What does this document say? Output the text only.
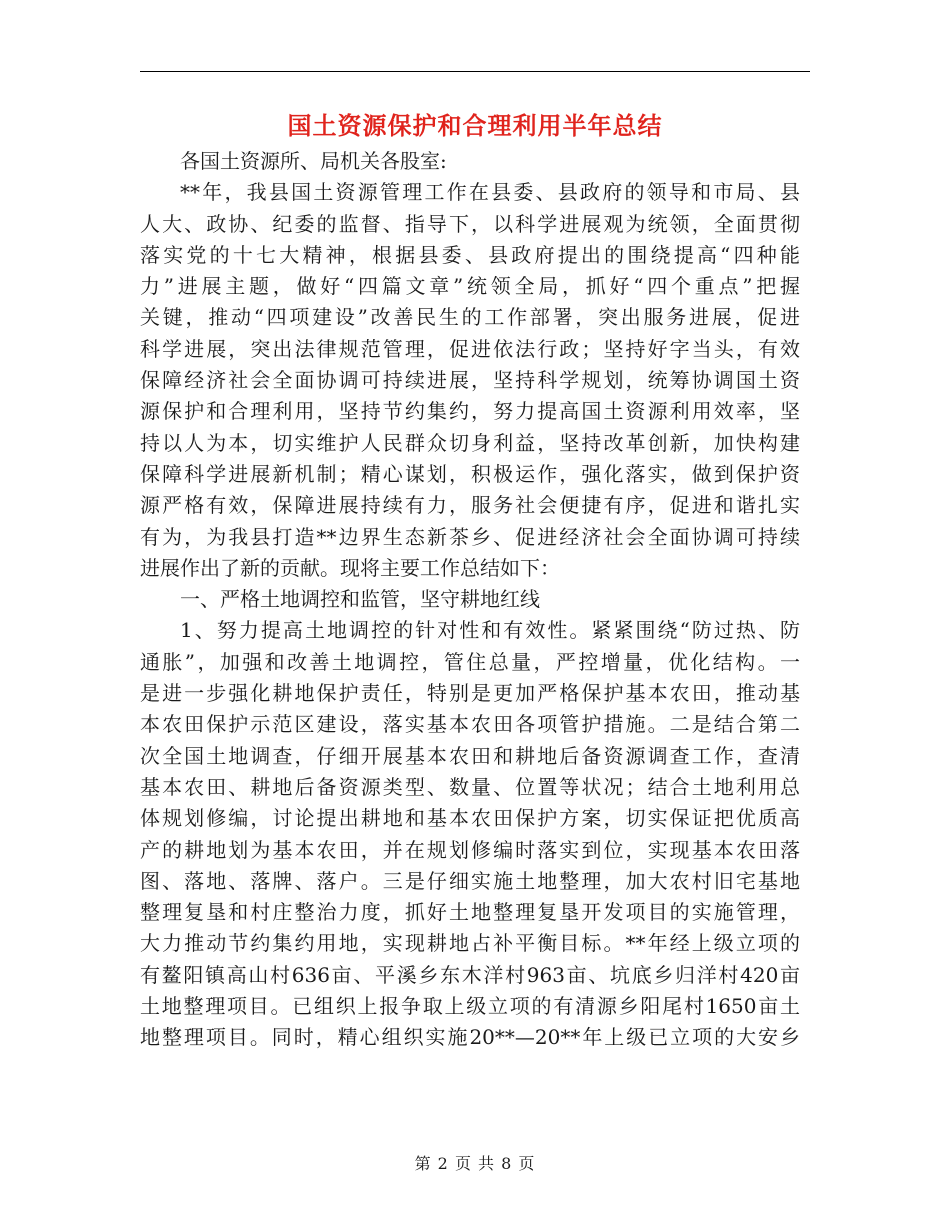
国土资源保护和合理利用半年总结
各国土资源所、局机关各股室:
**年，我县国土资源管理工作在县委、县政府的领导和市局、县
人大、政协、纪委的监督、指导下，以科学进展观为统领，全面贯彻
落实党的十七大精神，根据县委、县政府提出的围绕提高“四种能
力”进展主题，做好“四篇文章”统领全局，抓好“四个重点”把握
关键，推动“四项建设”改善民生的工作部署，突出服务进展，促进
科学进展，突出法律规范管理，促进依法行政；坚持好字当头，有效
保障经济社会全面协调可持续进展，坚持科学规划，统筹协调国土资
源保护和合理利用，坚持节约集约，努力提高国土资源利用效率，坚
持以人为本，切实维护人民群众切身利益，坚持改革创新，加快构建
保障科学进展新机制；精心谋划，积极运作，强化落实，做到保护资
源严格有效，保障进展持续有力，服务社会便捷有序，促进和谐扎实
有为，为我县打造**边界生态新茶乡、促进经济社会全面协调可持续
进展作出了新的贡献。现将主要工作总结如下：
一、严格土地调控和监管，坚守耕地红线
1、努力提高土地调控的针对性和有效性。紧紧围绕“防过热、防
通胀”，加强和改善土地调控，管住总量，严控增量，优化结构。一
是进一步强化耕地保护责任，特别是更加严格保护基本农田，推动基
本农田保护示范区建设，落实基本农田各项管护措施。二是结合第二
次全国土地调查，仔细开展基本农田和耕地后备资源调查工作，查清
基本农田、耕地后备资源类型、数量、位置等状况；结合土地利用总
体规划修编，讨论提出耕地和基本农田保护方案，切实保证把优质高
产的耕地划为基本农田，并在规划修编时落实到位，实现基本农田落
图、落地、落牌、落户。三是仔细实施土地整理，加大农村旧宅基地
整理复垦和村庄整治力度，抓好土地整理复垦开发项目的实施管理，
大力推动节约集约用地，实现耕地占补平衡目标。**年经上级立项的
有鳌阳镇高山村636亩、平溪乡东木洋村963亩、坑底乡归洋村420亩
土地整理项目。已组织上报争取上级立项的有清源乡阳尾村1650亩土
地整理项目。同时，精心组织实施20**—20**年上级已立项的大安乡
第 2 页 共 8 页
